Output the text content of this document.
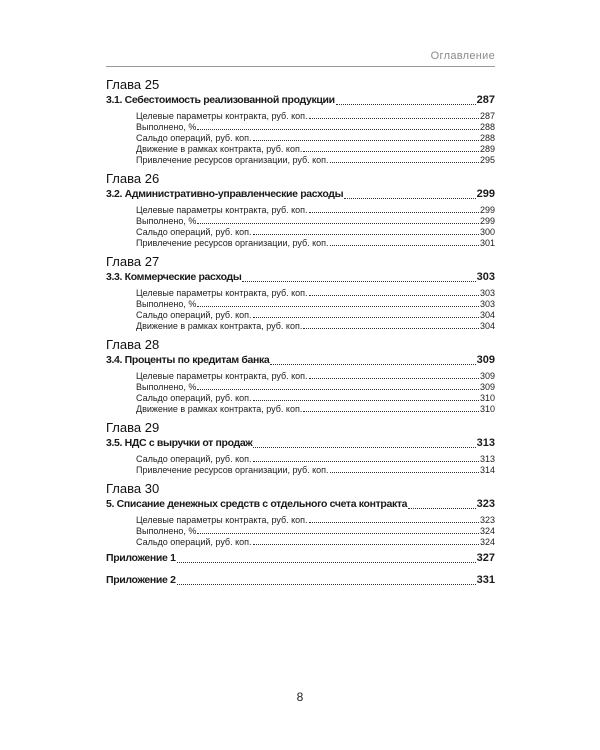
Оглавление
Глава 25
3.1. Себестоимость реализованной продукции	287
Целевые параметры контракта, руб. коп.	287
Выполнено, %	288
Сальдо операций, руб. коп.	288
Движение в рамках контракта, руб. коп.	289
Привлечение ресурсов организации, руб. коп.	295
Глава 26
3.2. Административно-управленческие расходы	299
Целевые параметры контракта, руб. коп.	299
Выполнено, %	299
Сальдо операций, руб. коп.	300
Привлечение ресурсов организации, руб. коп.	301
Глава 27
3.3. Коммерческие расходы	303
Целевые параметры контракта, руб. коп.	303
Выполнено, %	303
Сальдо операций, руб. коп.	304
Движение в рамках контракта, руб. коп.	304
Глава 28
3.4. Проценты по кредитам банка	309
Целевые параметры контракта, руб. коп.	309
Выполнено, %	309
Сальдо операций, руб. коп.	310
Движение в рамках контракта, руб. коп.	310
Глава 29
3.5. НДС с выручки от продаж	313
Сальдо операций, руб. коп.	313
Привлечение ресурсов организации, руб. коп.	314
Глава 30
5. Списание денежных средств с отдельного счета контракта	323
Целевые параметры контракта, руб. коп.	323
Выполнено, %	324
Сальдо операций, руб. коп.	324
Приложение 1	327
Приложение 2	331
8
